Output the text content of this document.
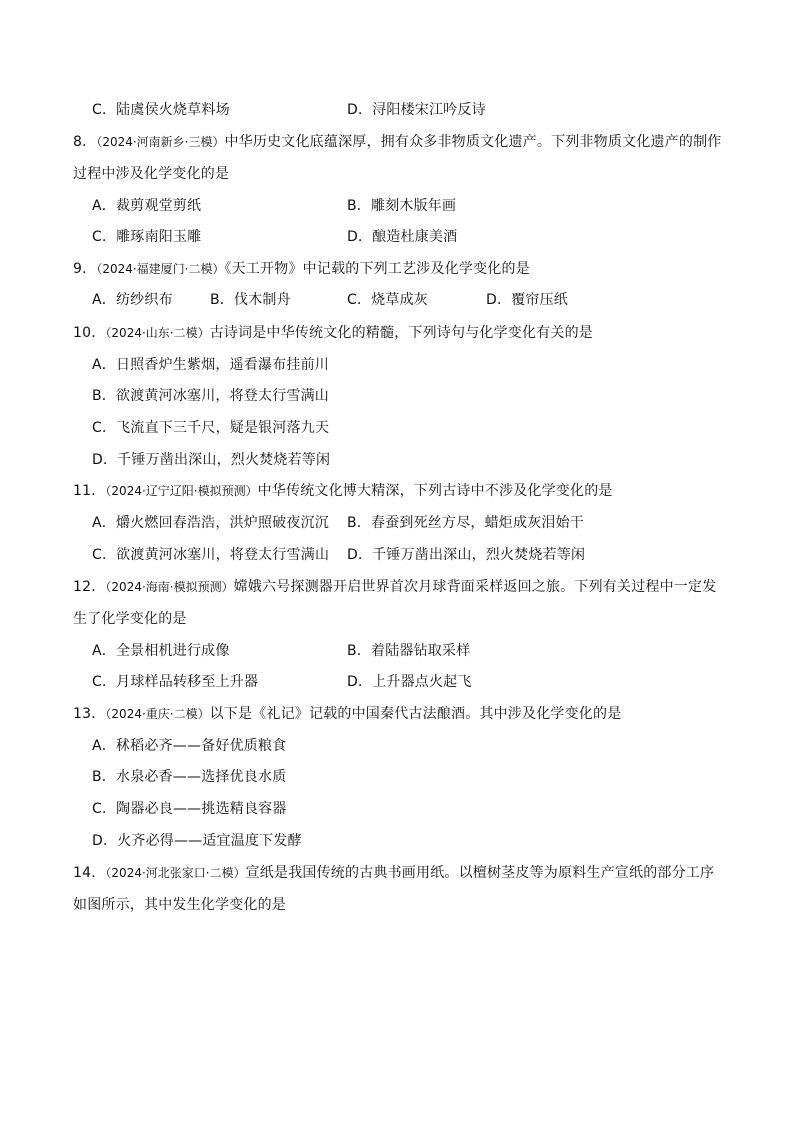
C．陆虞侯火烧草料场	D．浔阳楼宋江吟反诗
8．（2024·河南新乡·三模）中华历史文化底蕴深厚，拥有众多非物质文化遗产。下列非物质文化遗产的制作
过程中涉及化学变化的是
A．裁剪观堂剪纸	B．雕刻木版年画
C．雕琢南阳玉雕	D．酿造杜康美酒
9．（2024·福建厦门·二模）《天工开物》中记载的下列工艺涉及化学变化的是
A．纺纱织布	B．伐木制舟	C．烧草成灰	D．覆帘压纸
10．（2024·山东·二模）古诗词是中华传统文化的精髓，下列诗句与化学变化有关的是
A．日照香炉生紫烟，遥看瀑布挂前川
B．欲渡黄河冰塞川，将登太行雪满山
C．飞流直下三千尺，疑是银河落九天
D．千锤万凿出深山，烈火焚烧若等闲
11．（2024·辽宁辽阳·模拟预测）中华传统文化博大精深，下列古诗中不涉及化学变化的是
A．爝火燃回春浩浩，洪炉照破夜沉沉 B．春蚕到死丝方尽，蜡炬成灰泪始干
C．欲渡黄河冰塞川，将登太行雪满山 D．千锤万凿出深山，烈火焚烧若等闲
12．（2024·海南·模拟预测）嫦娥六号探测器开启世界首次月球背面采样返回之旅。下列有关过程中一定发
生了化学变化的是
A．全景相机进行成像	B．着陆器钻取采样
C．月球样品转移至上升器	D．上升器点火起飞
13．（2024·重庆·二模）以下是《礼记》记载的中国秦代古法酿酒。其中涉及化学变化的是
A．秫稻必齐——备好优质粮食
B．水泉必香——选择优良水质
C．陶器必良——挑选精良容器
D．火齐必得——适宜温度下发酵
14．（2024·河北张家口·二模）宣纸是我国传统的古典书画用纸。以檀树茎皮等为原料生产宣纸的部分工序
如图所示，其中发生化学变化的是
